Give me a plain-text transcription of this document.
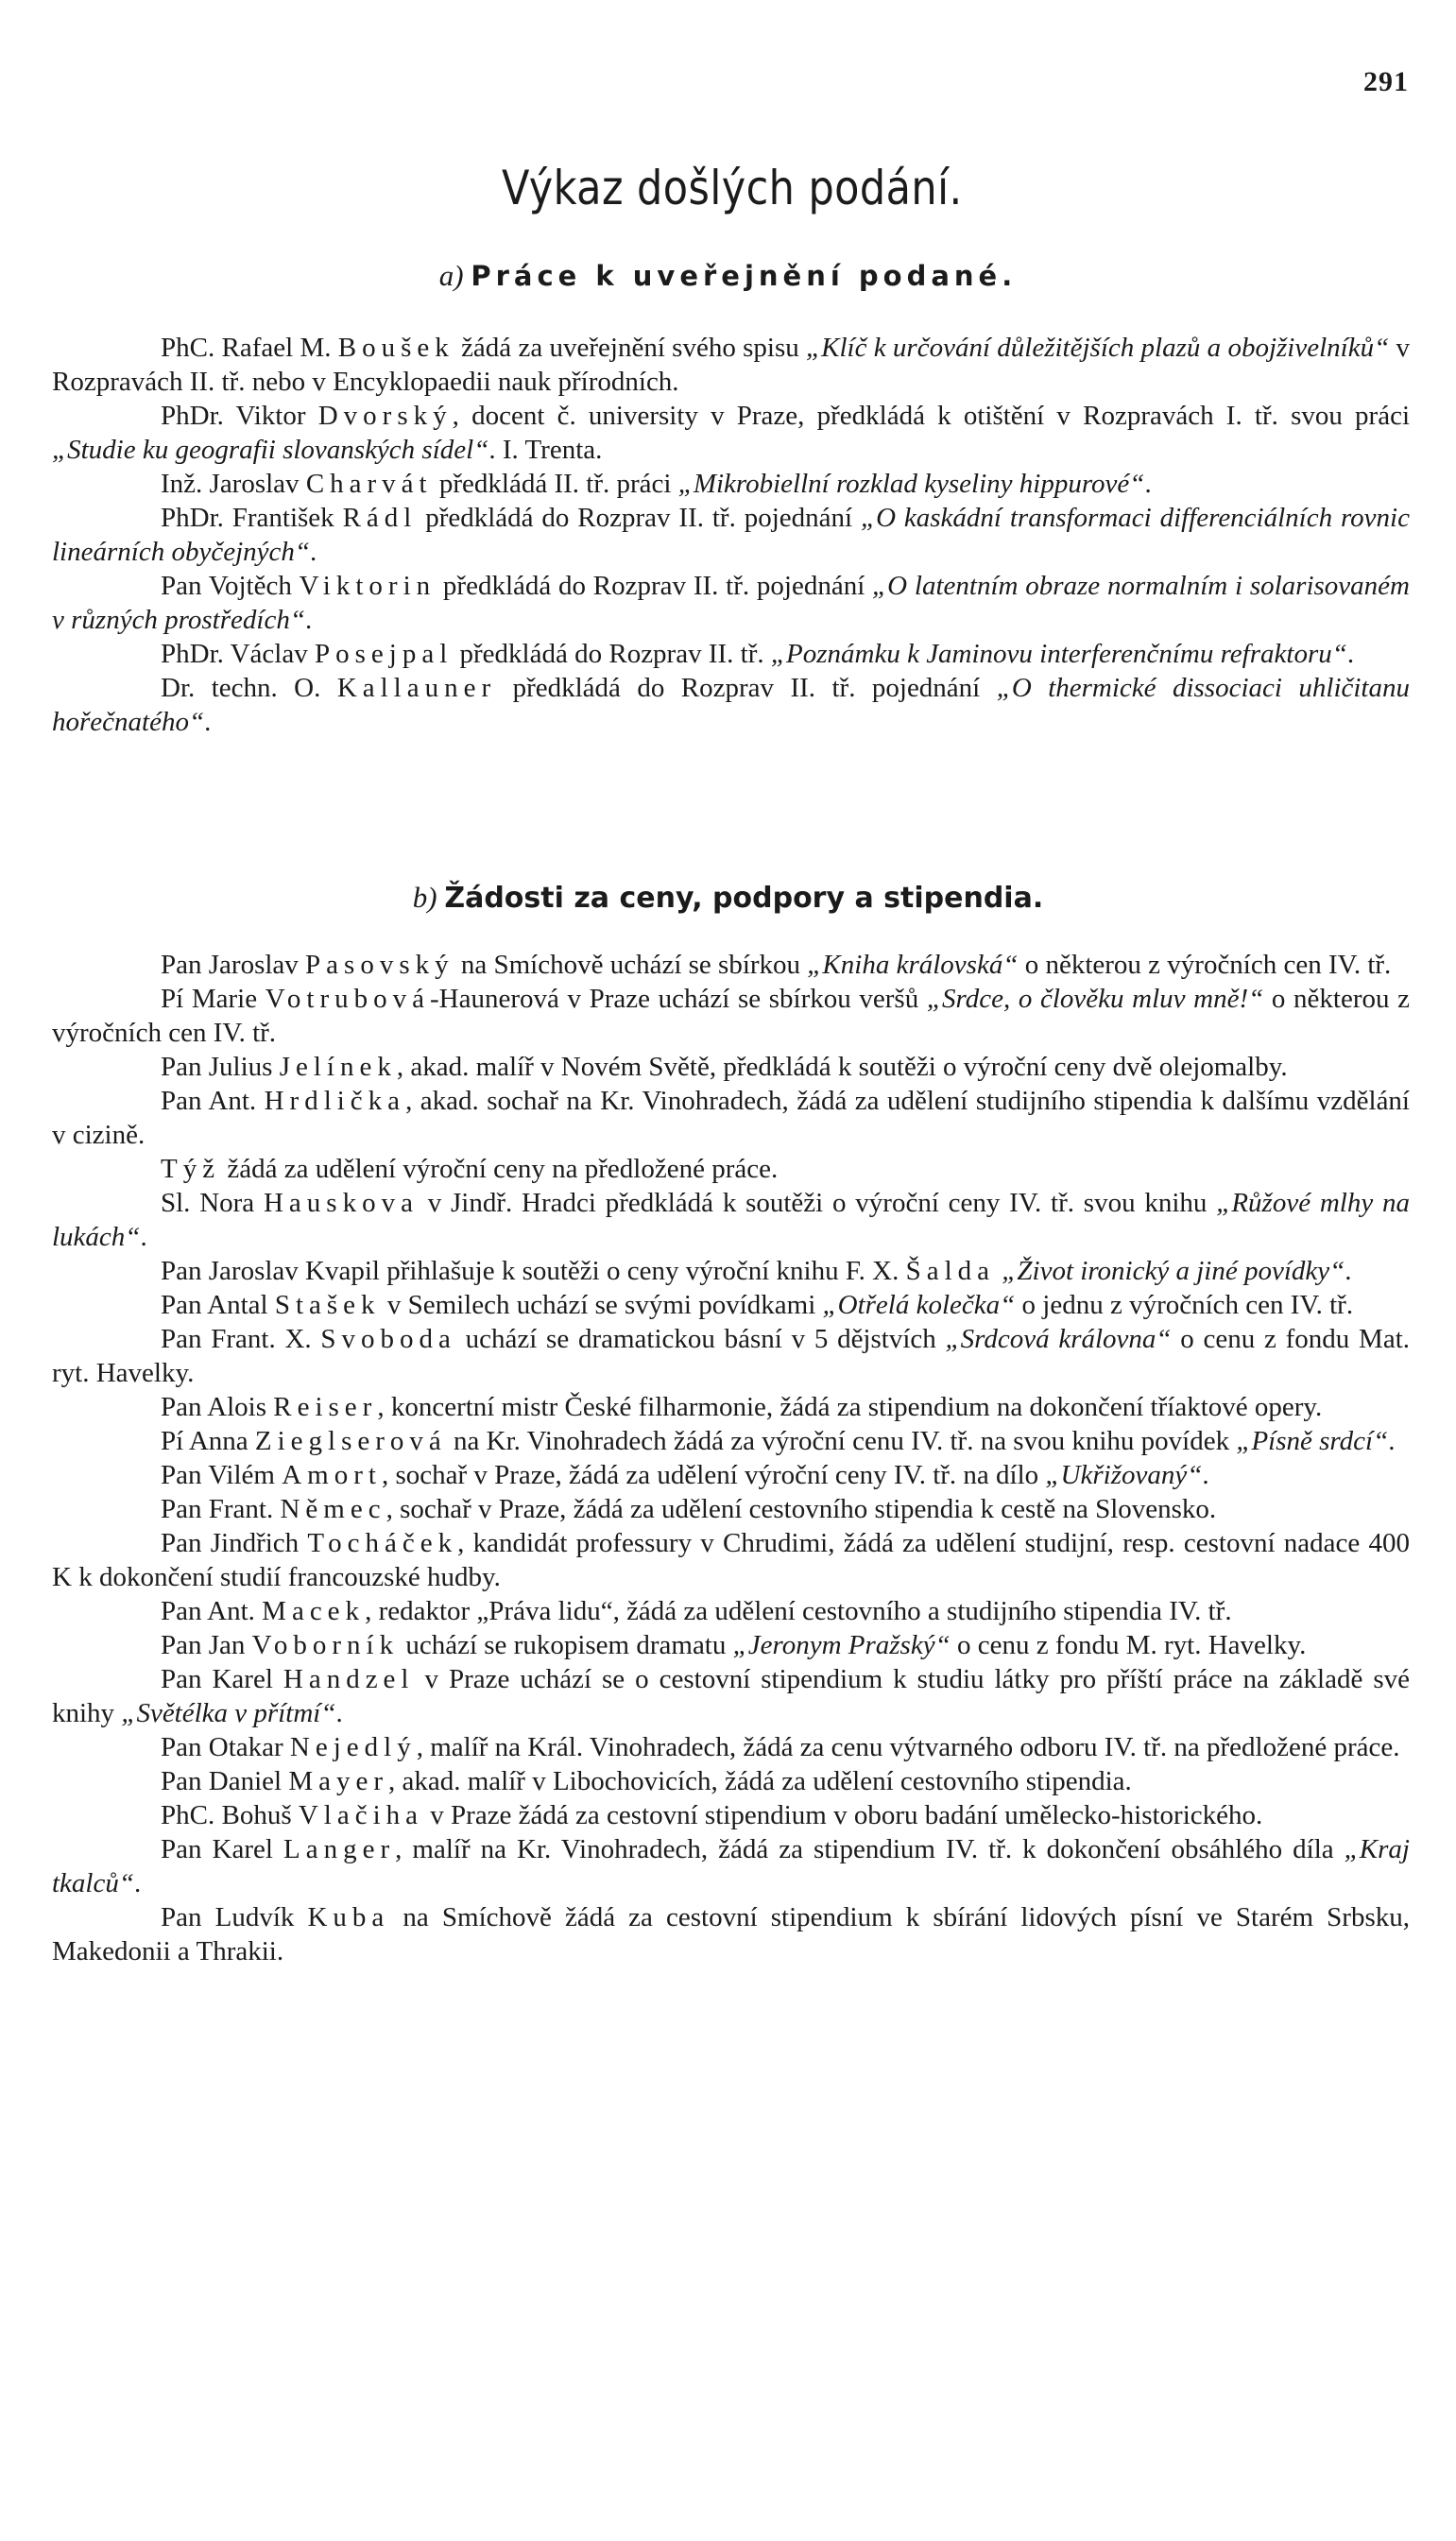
291
Výkaz došlých podání.
a) Práce k uveřejnění podané.

PhC. Rafael M. Boušek žádá za uveřejnění svého spisu „Klíč k určování důležitějších plazů a obojživelníků“ v Rozpravách II. tř. nebo v Encyklopaedii nauk přírodních.

PhDr. Viktor Dvorský, docent č. university v Praze, předkládá k otištění v Rozpravách I. tř. svou práci „Studie ku geografii slovanských sídel“. I. Trenta.

Inž. Jaroslav Charvát předkládá II. tř. práci „Mikrobiellní rozklad kyseliny hippurové“.

PhDr. František Rádl předkládá do Rozprav II. tř. pojednání „O kaskádní transformaci differenciálních rovnic lineárních obyčejných“.

Pan Vojtěch Viktorin předkládá do Rozprav II. tř. pojednání „O latentním obraze normalním i solarisovaném v různých prostředích“.

PhDr. Václav Posejpal předkládá do Rozprav II. tř. „Poznámku k Jaminovu interferenčnímu refraktoru“.

Dr. techn. O. Kallauner předkládá do Rozprav II. tř. pojednání „O thermické dissociaci uhličitanu hořečnatého“.

b) Žádosti za ceny, podpory a stipendia.

Pan Jaroslav Pasovský na Smíchově uchází se sbírkou „Kniha královská“ o některou z výročních cen IV. tř.

Pí Marie Votrubová-Haunerová v Praze uchází se sbírkou veršů „Srdce, o člověku mluv mně!“ o některou z výročních cen IV. tř.

Pan Julius Jelínek, akad. malíř v Novém Světě, předkládá k soutěži o výroční ceny dvě olejomalby.

Pan Ant. Hrdlička, akad. sochař na Kr. Vinohradech, žádá za udělení studijního stipendia k dalšímu vzdělání v cizině.

Týž žádá za udělení výroční ceny na předložené práce.

Sl. Nora Hauskova v Jindř. Hradci předkládá k soutěži o výroční ceny IV. tř. svou knihu „Růžové mlhy na lukách“.

Pan Jaroslav Kvapil přihlašuje k soutěži o ceny výroční knihu F. X. Šalda „Život ironický a jiné povídky“.

Pan Antal Stašek v Semilech uchází se svými povídkami „Otřelá kolečka“ o jednu z výročních cen IV. tř.

Pan Frant. X. Svoboda uchází se dramatickou básní v 5 dějstvích „Srdcová královna“ o cenu z fondu Mat. ryt. Havelky.

Pan Alois Reiser, koncertní mistr České filharmonie, žádá za stipendium na dokončení tříaktové opery.

Pí Anna Zieglserová na Kr. Vinohradech žádá za výroční cenu IV. tř. na svou knihu povídek „Písně srdcí“.

Pan Vilém Amort, sochař v Praze, žádá za udělení výroční ceny IV. tř. na dílo „Ukřižovaný“.

Pan Frant. Němec, sochař v Praze, žádá za udělení cestovního stipendia k cestě na Slovensko.

Pan Jindřich Tocháček, kandidát professury v Chrudimi, žádá za udělení studijní, resp. cestovní nadace 400 K k dokončení studií francouzské hudby.

Pan Ant. Macek, redaktor „Práva lidu“, žádá za udělení cestovního a studijního stipendia IV. tř.

Pan Jan Voborník uchází se rukopisem dramatu „Jeronym Pražský“ o cenu z fondu M. ryt. Havelky.

Pan Karel Handzel v Praze uchází se o cestovní stipendium k studiu látky pro příští práce na základě své knihy „Světélka v přítmí“.

Pan Otakar Nejedlý, malíř na Král. Vinohradech, žádá za cenu výtvarného odboru IV. tř. na předložené práce.

Pan Daniel Mayer, akad. malíř v Libochovicích, žádá za udělení cestovního stipendia.

PhC. Bohuš Vlačiha v Praze žádá za cestovní stipendium v oboru badání umělecko-historického.

Pan Karel Langer, malíř na Kr. Vinohradech, žádá za stipendium IV. tř. k dokončení obsáhlého díla „Kraj tkalců“.

Pan Ludvík Kuba na Smíchově žádá za cestovní stipendium k sbírání lidových písní ve Starém Srbsku, Makedonii a Thrakii.
